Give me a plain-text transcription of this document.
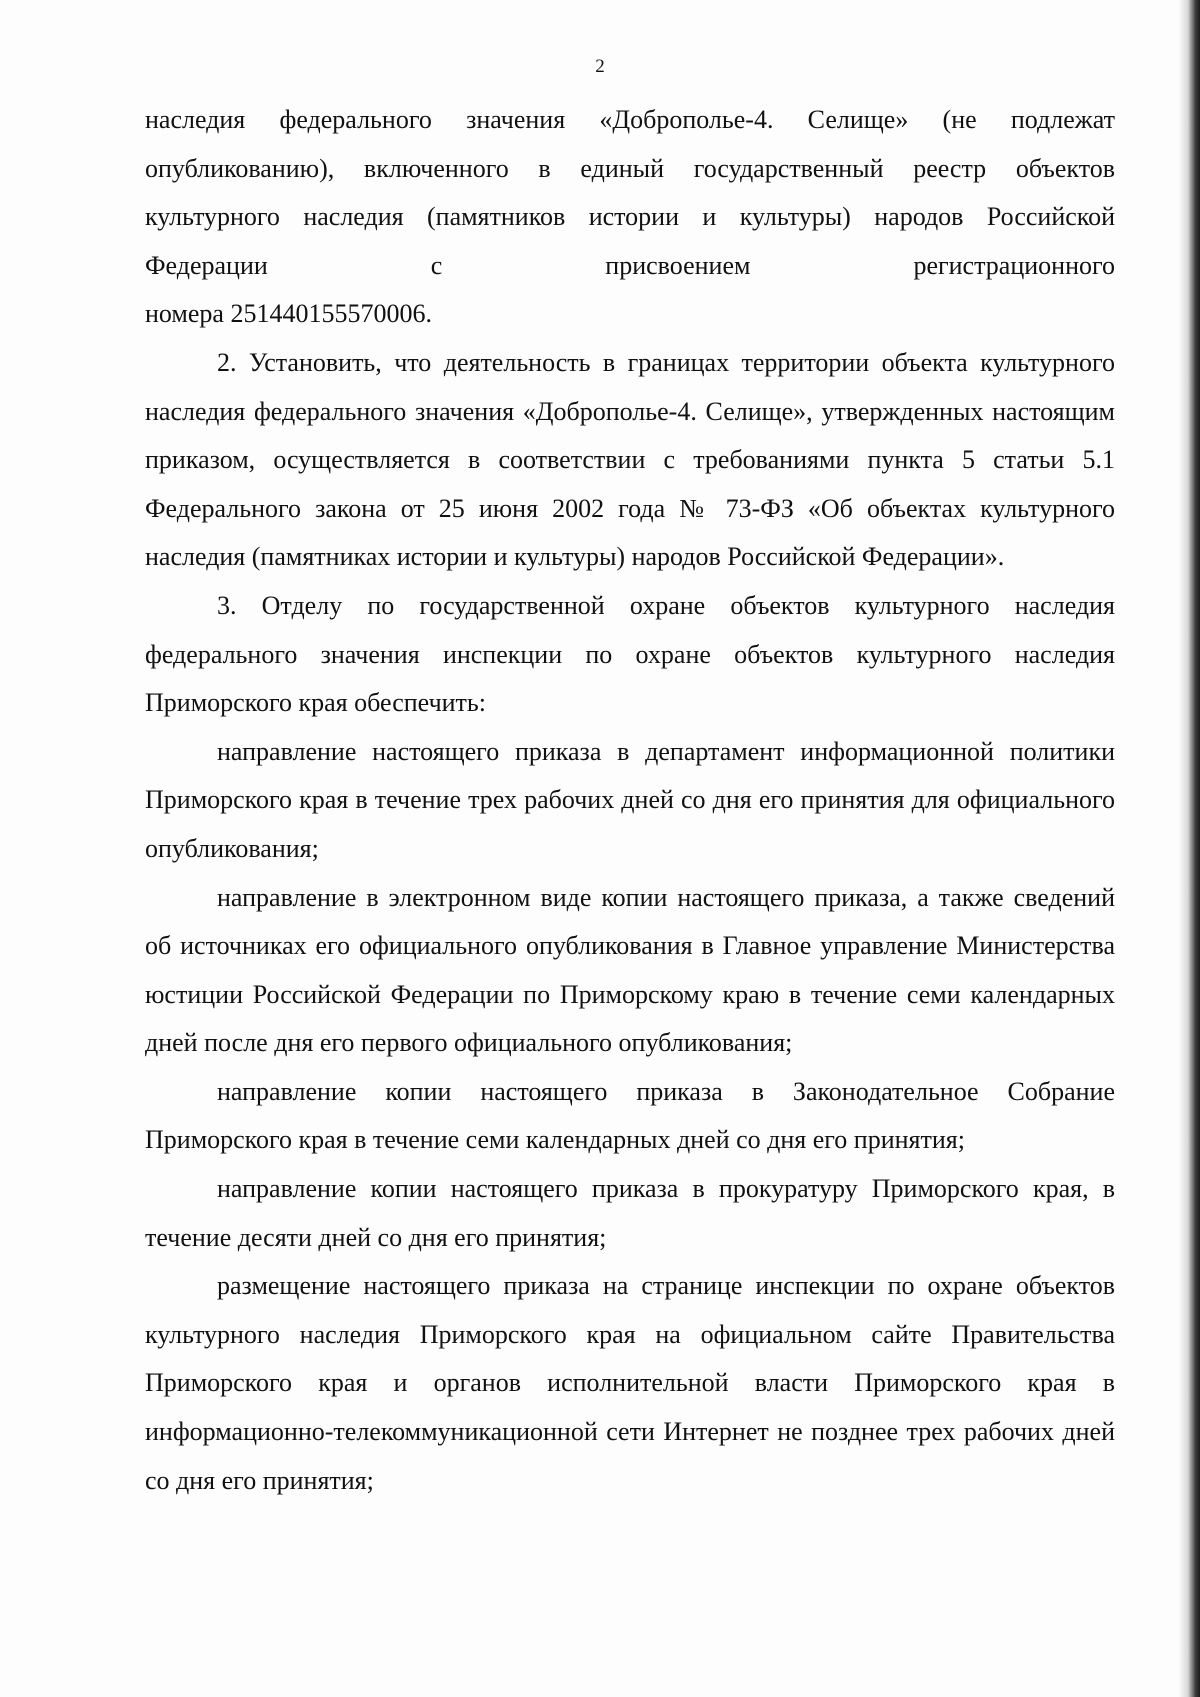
2

наследия федерального значения «Доброполье-4. Селище» (не подлежат опубликованию), включенного в единый государственный реестр объектов культурного наследия (памятников истории и культуры) народов Российской Федерации с присвоением регистрационного

номера 251440155570006.

2. Установить, что деятельность в границах территории объекта культурного наследия федерального значения «Доброполье-4. Селище», утвержденных настоящим приказом, осуществляется в соответствии с требованиями пункта 5 статьи 5.1 Федерального закона от 25 июня 2002 года № 73-ФЗ «Об объектах культурного наследия (памятниках истории и культуры) народов Российской Федерации».

3. Отделу по государственной охране объектов культурного наследия федерального значения инспекции по охране объектов культурного наследия Приморского края обеспечить:

направление настоящего приказа в департамент информационной политики Приморского края в течение трех рабочих дней со дня его принятия для официального опубликования;

направление в электронном виде копии настоящего приказа, а также сведений об источниках его официального опубликования в Главное управление Министерства юстиции Российской Федерации по Приморскому краю в течение семи календарных дней после дня его первого официального опубликования;

направление копии настоящего приказа в Законодательное Собрание Приморского края в течение семи календарных дней со дня его принятия;

направление копии настоящего приказа в прокуратуру Приморского края, в течение десяти дней со дня его принятия;

размещение настоящего приказа на странице инспекции по охране объектов культурного наследия Приморского края на официальном сайте Правительства Приморского края и органов исполнительной власти Приморского края в информационно-телекоммуникационной сети Интернет не позднее трех рабочих дней со дня его принятия;
